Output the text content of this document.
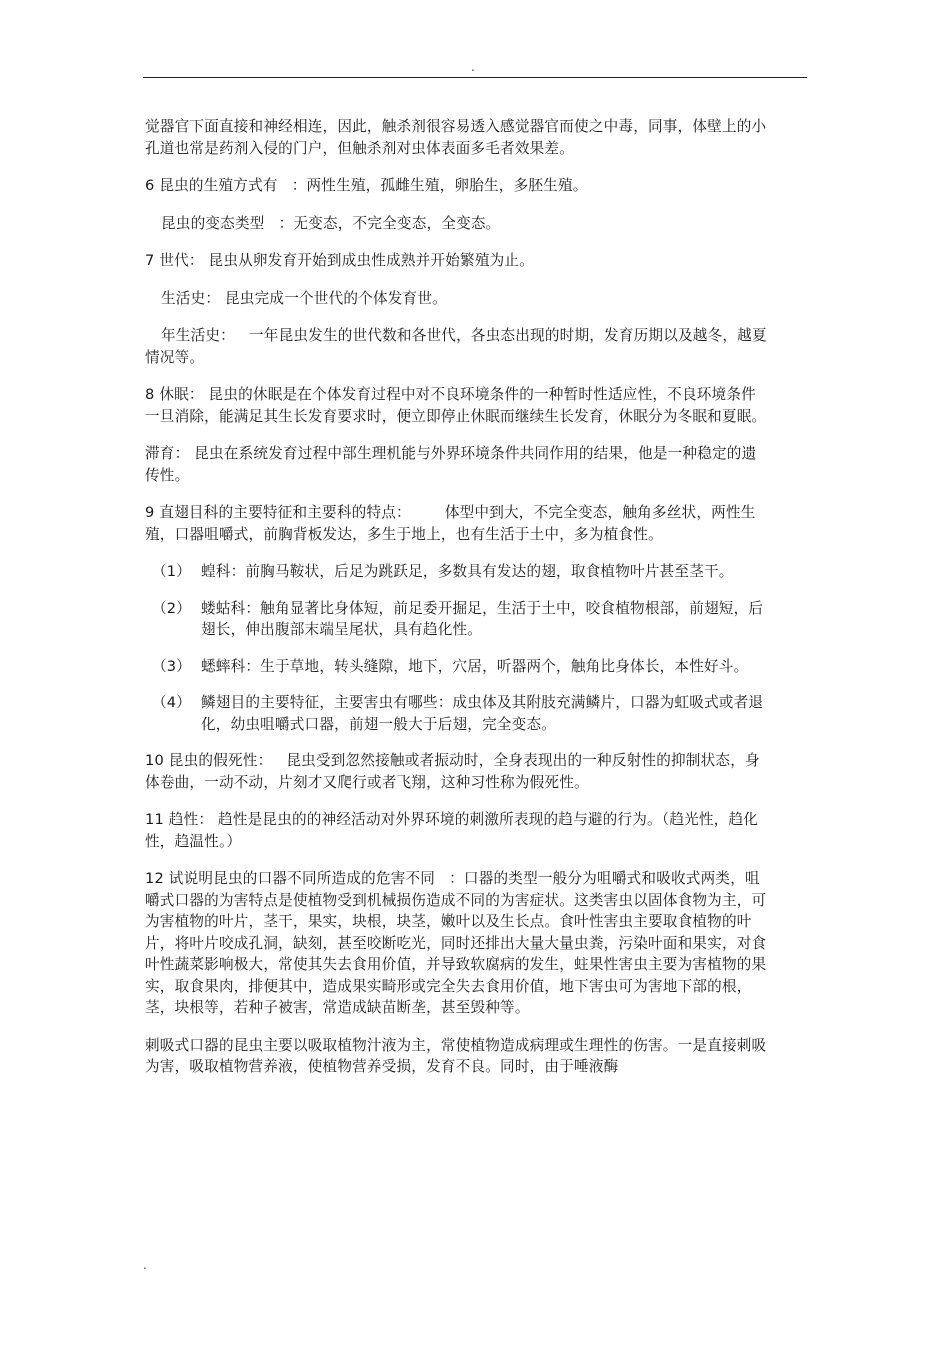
.

觉器官下面直接和神经相连，因此，触杀剂很容易透入感觉器官而使之中毒，同事，体壁上的小孔道也常是药剂入侵的门户，但触杀剂对虫体表面多毛者效果差。

6 昆虫的生殖方式有 ：两性生殖，孤雌生殖，卵胎生，多胚生殖。

昆虫的变态类型 ：无变态，不完全变态，全变态。

7 世代： 昆虫从卵发育开始到成虫性成熟并开始繁殖为止。

生活史： 昆虫完成一个世代的个体发育世。

年生活史： 一年昆虫发生的世代数和各世代，各虫态出现的时期，发育历期以及越冬，越夏情况等。

8 休眠： 昆虫的休眠是在个体发育过程中对不良环境条件的一种暂时性适应性，不良环境条件一旦消除，能满足其生长发育要求时，便立即停止休眠而继续生长发育，休眠分为冬眠和夏眠。

滞育： 昆虫在系统发育过程中部生理机能与外界环境条件共同作用的结果，他是一种稳定的遗传性。

9 直翅目科的主要特征和主要科的特点： 体型中到大，不完全变态，触角多丝状，两性生殖，口器咀嚼式，前胸背板发达，多生于地上，也有生活于土中，多为植食性。

（1） 蝗科：前胸马鞍状，后足为跳跃足，多数具有发达的翅，取食植物叶片甚至茎干。
（2） 蝼蛄科：触角显著比身体短，前足委开掘足，生活于土中，咬食植物根部，前翅短，后翅长，伸出腹部末端呈尾状，具有趋化性。
（3） 蟋蟀科：生于草地，转头缝隙，地下，穴居，听器两个，触角比身体长，本性好斗。
（4） 鳞翅目的主要特征，主要害虫有哪些：成虫体及其附肢充满鳞片，口器为虹吸式或者退化，幼虫咀嚼式口器，前翅一般大于后翅，完全变态。

10 昆虫的假死性： 昆虫受到忽然接触或者振动时，全身表现出的一种反射性的抑制状态，身体卷曲，一动不动，片刻才又爬行或者飞翔，这种习性称为假死性。

11 趋性： 趋性是昆虫的的神经活动对外界环境的刺激所表现的趋与避的行为。（趋光性，趋化性，趋温性。）

12 试说明昆虫的口器不同所造成的危害不同 ：口器的类型一般分为咀嚼式和吸收式两类，咀嚼式口器的为害特点是使植物受到机械损伤造成不同的为害症状。这类害虫以固体食物为主，可为害植物的叶片，茎干，果实，块根，块茎，嫩叶以及生长点。食叶性害虫主要取食植物的叶片，将叶片咬成孔洞，缺刻，甚至咬断吃光，同时还排出大量大量虫粪，污染叶面和果实，对食叶性蔬菜影响极大，常使其失去食用价值，并导致软腐病的发生，蛀果性害虫主要为害植物的果实，取食果肉，排便其中，造成果实畸形或完全失去食用价值，地下害虫可为害地下部的根，茎，块根等，若种子被害，常造成缺苗断垄，甚至毁种等。

刺吸式口器的昆虫主要以吸取植物汁液为主，常使植物造成病理或生理性的伤害。一是直接刺吸为害，吸取植物营养液，使植物营养受损，发育不良。同时，由于唾液酶

.
